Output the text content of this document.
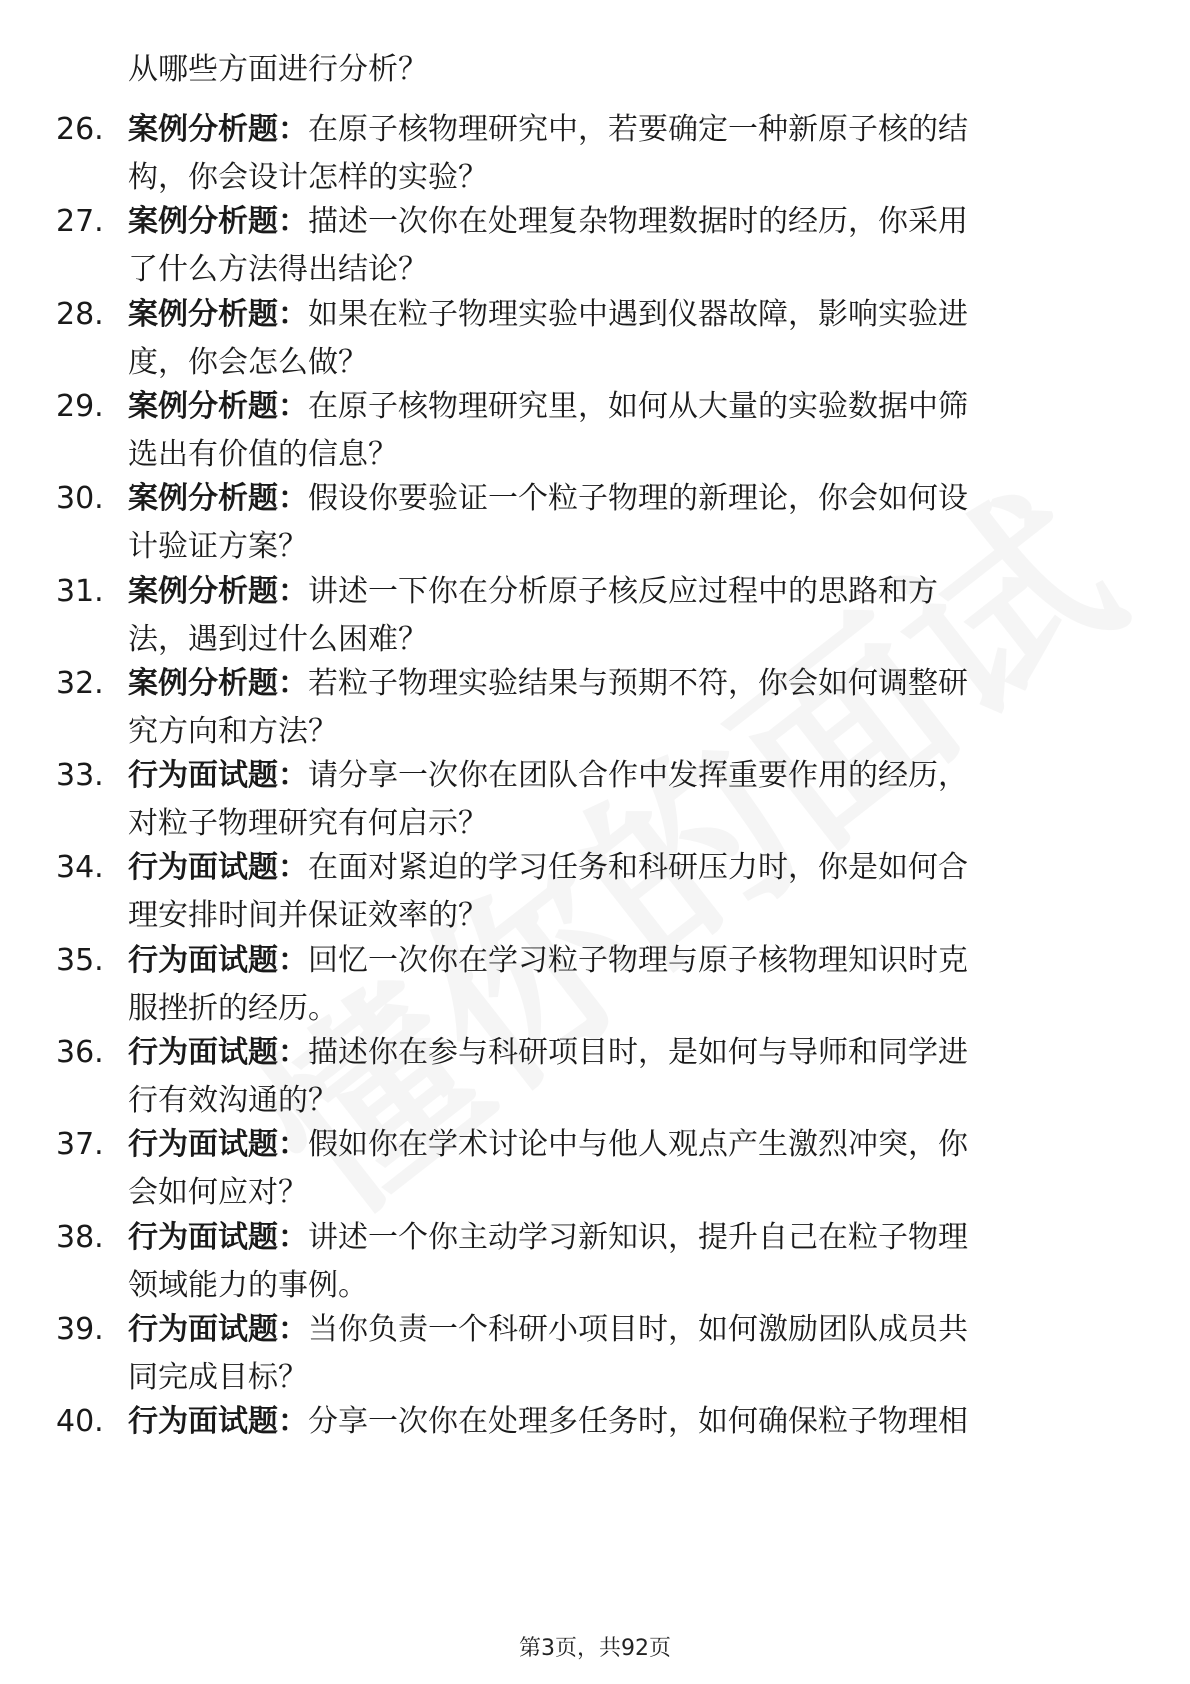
从哪些方面进行分析？
26. 案例分析题：在原子核物理研究中，若要确定一种新原子核的结
构，你会设计怎样的实验？
27. 案例分析题：描述一次你在处理复杂物理数据时的经历，你采用
了什么方法得出结论？
28. 案例分析题：如果在粒子物理实验中遇到仪器故障，影响实验进
度，你会怎么做？
29. 案例分析题：在原子核物理研究里，如何从大量的实验数据中筛
选出有价值的信息？
30. 案例分析题：假设你要验证一个粒子物理的新理论，你会如何设
计验证方案？
31. 案例分析题：讲述一下你在分析原子核反应过程中的思路和方
法，遇到过什么困难？
32. 案例分析题：若粒子物理实验结果与预期不符，你会如何调整研
究方向和方法？
33. 行为面试题：请分享一次你在团队合作中发挥重要作用的经历，
对粒子物理研究有何启示？
34. 行为面试题：在面对紧迫的学习任务和科研压力时，你是如何合
理安排时间并保证效率的？
35. 行为面试题：回忆一次你在学习粒子物理与原子核物理知识时克
服挫折的经历。
36. 行为面试题：描述你在参与科研项目时，是如何与导师和同学进
行有效沟通的？
37. 行为面试题：假如你在学术讨论中与他人观点产生激烈冲突，你
会如何应对？
38. 行为面试题：讲述一个你主动学习新知识，提升自己在粒子物理
领域能力的事例。
39. 行为面试题：当你负责一个科研小项目时，如何激励团队成员共
同完成目标？
40. 行为面试题：分享一次你在处理多任务时，如何确保粒子物理相
第3页，共92页
